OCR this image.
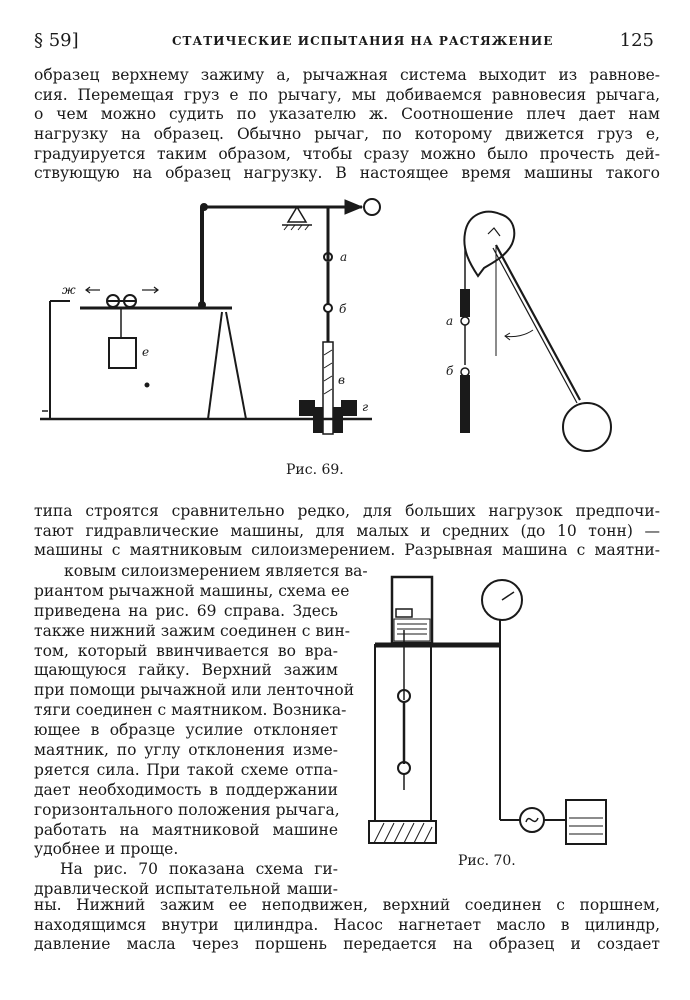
§ 59]	СТАТИЧЕСКИЕ ИСПЫТАНИЯ НА РАСТЯЖЕНИЕ	125
образец верхнему зажиму a, рычажная система выходит из равнове-
сия. Перемещая груз e по рычагу, мы добиваемся равновесия рычага,
о чем можно судить по указателю ж. Соотношение плеч дает нам
нагрузку на образец. Обычно рычаг, по которому движется груз e,
градуируется таким образом, чтобы сразу можно было прочесть дей-
ствующую на образец нагрузку. В настоящее время машины такого
a
б
в
г
e
ж
a
б
Рис. 69.
типа строятся сравнительно редко, для больших нагрузок предпочи-
тают гидравлические машины, для малых и средних (до 10 тонн) —
машины с маятниковым силоизмерением. Разрывная машина с маятни-
ковым силоизмерением является ва-
риантом рычажной машины, схема ее
приведена на рис. 69 справа. Здесь
также нижний зажим соединен с вин-
том, который ввинчивается во вра-
щающуюся гайку. Верхний зажим
при помощи рычажной или ленточной
тяги соединен с маятником. Возника-
ющее в образце усилие отклоняет
маятник, по углу отклонения изме-
ряется сила. При такой схеме отпа-
дает необходимость в поддержании
горизонтального положения рычага,
работать на маятниковой машине
удобнее и проще.
На рис. 70 показана схема ги-
дравлической испытательной маши-
Рис. 70.
ны. Нижний зажим ее неподвижен, верхний соединен с поршнем,
находящимся внутри цилиндра. Насос нагнетает масло в цилиндр,
давление масла через поршень передается на образец и создает
